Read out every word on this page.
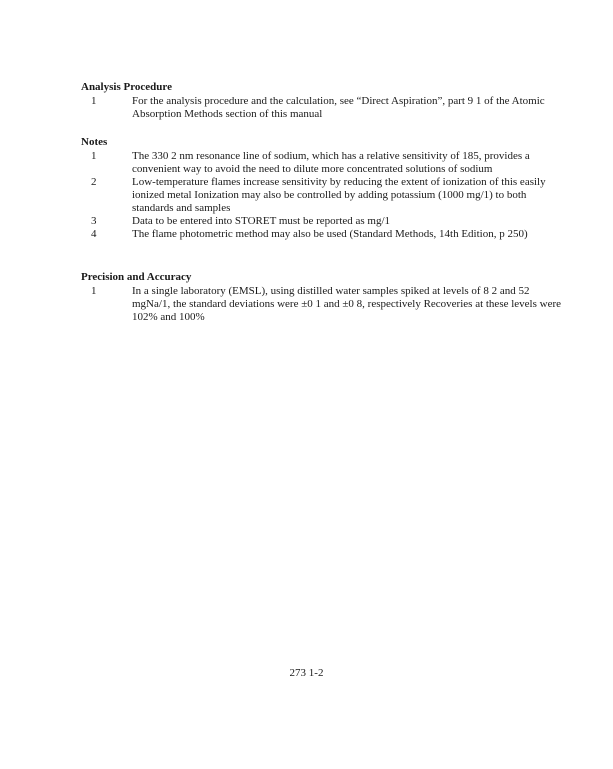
Analysis Procedure
1	For the analysis procedure and the calculation, see “Direct Aspiration”, part 9 1 of the Atomic Absorption Methods section of this manual
Notes
1	The 330 2 nm resonance line of sodium, which has a relative sensitivity of 185, provides a convenient way to avoid the need to dilute more concentrated solutions of sodium
2	Low-temperature flames increase sensitivity by reducing the extent of ionization of this easily ionized metal Ionization may also be controlled by adding potassium (1000 mg/1) to both standards and samples
3	Data to be entered into STORET must be reported as mg/1
4	The flame photometric method may also be used (Standard Methods, 14th Edition, p 250)
Precision and Accuracy
1	In a single laboratory (EMSL), using distilled water samples spiked at levels of 8 2 and 52 mgNa/1, the standard deviations were ±0 1 and ±0 8, respectively Recoveries at these levels were 102% and 100%
273 1-2
